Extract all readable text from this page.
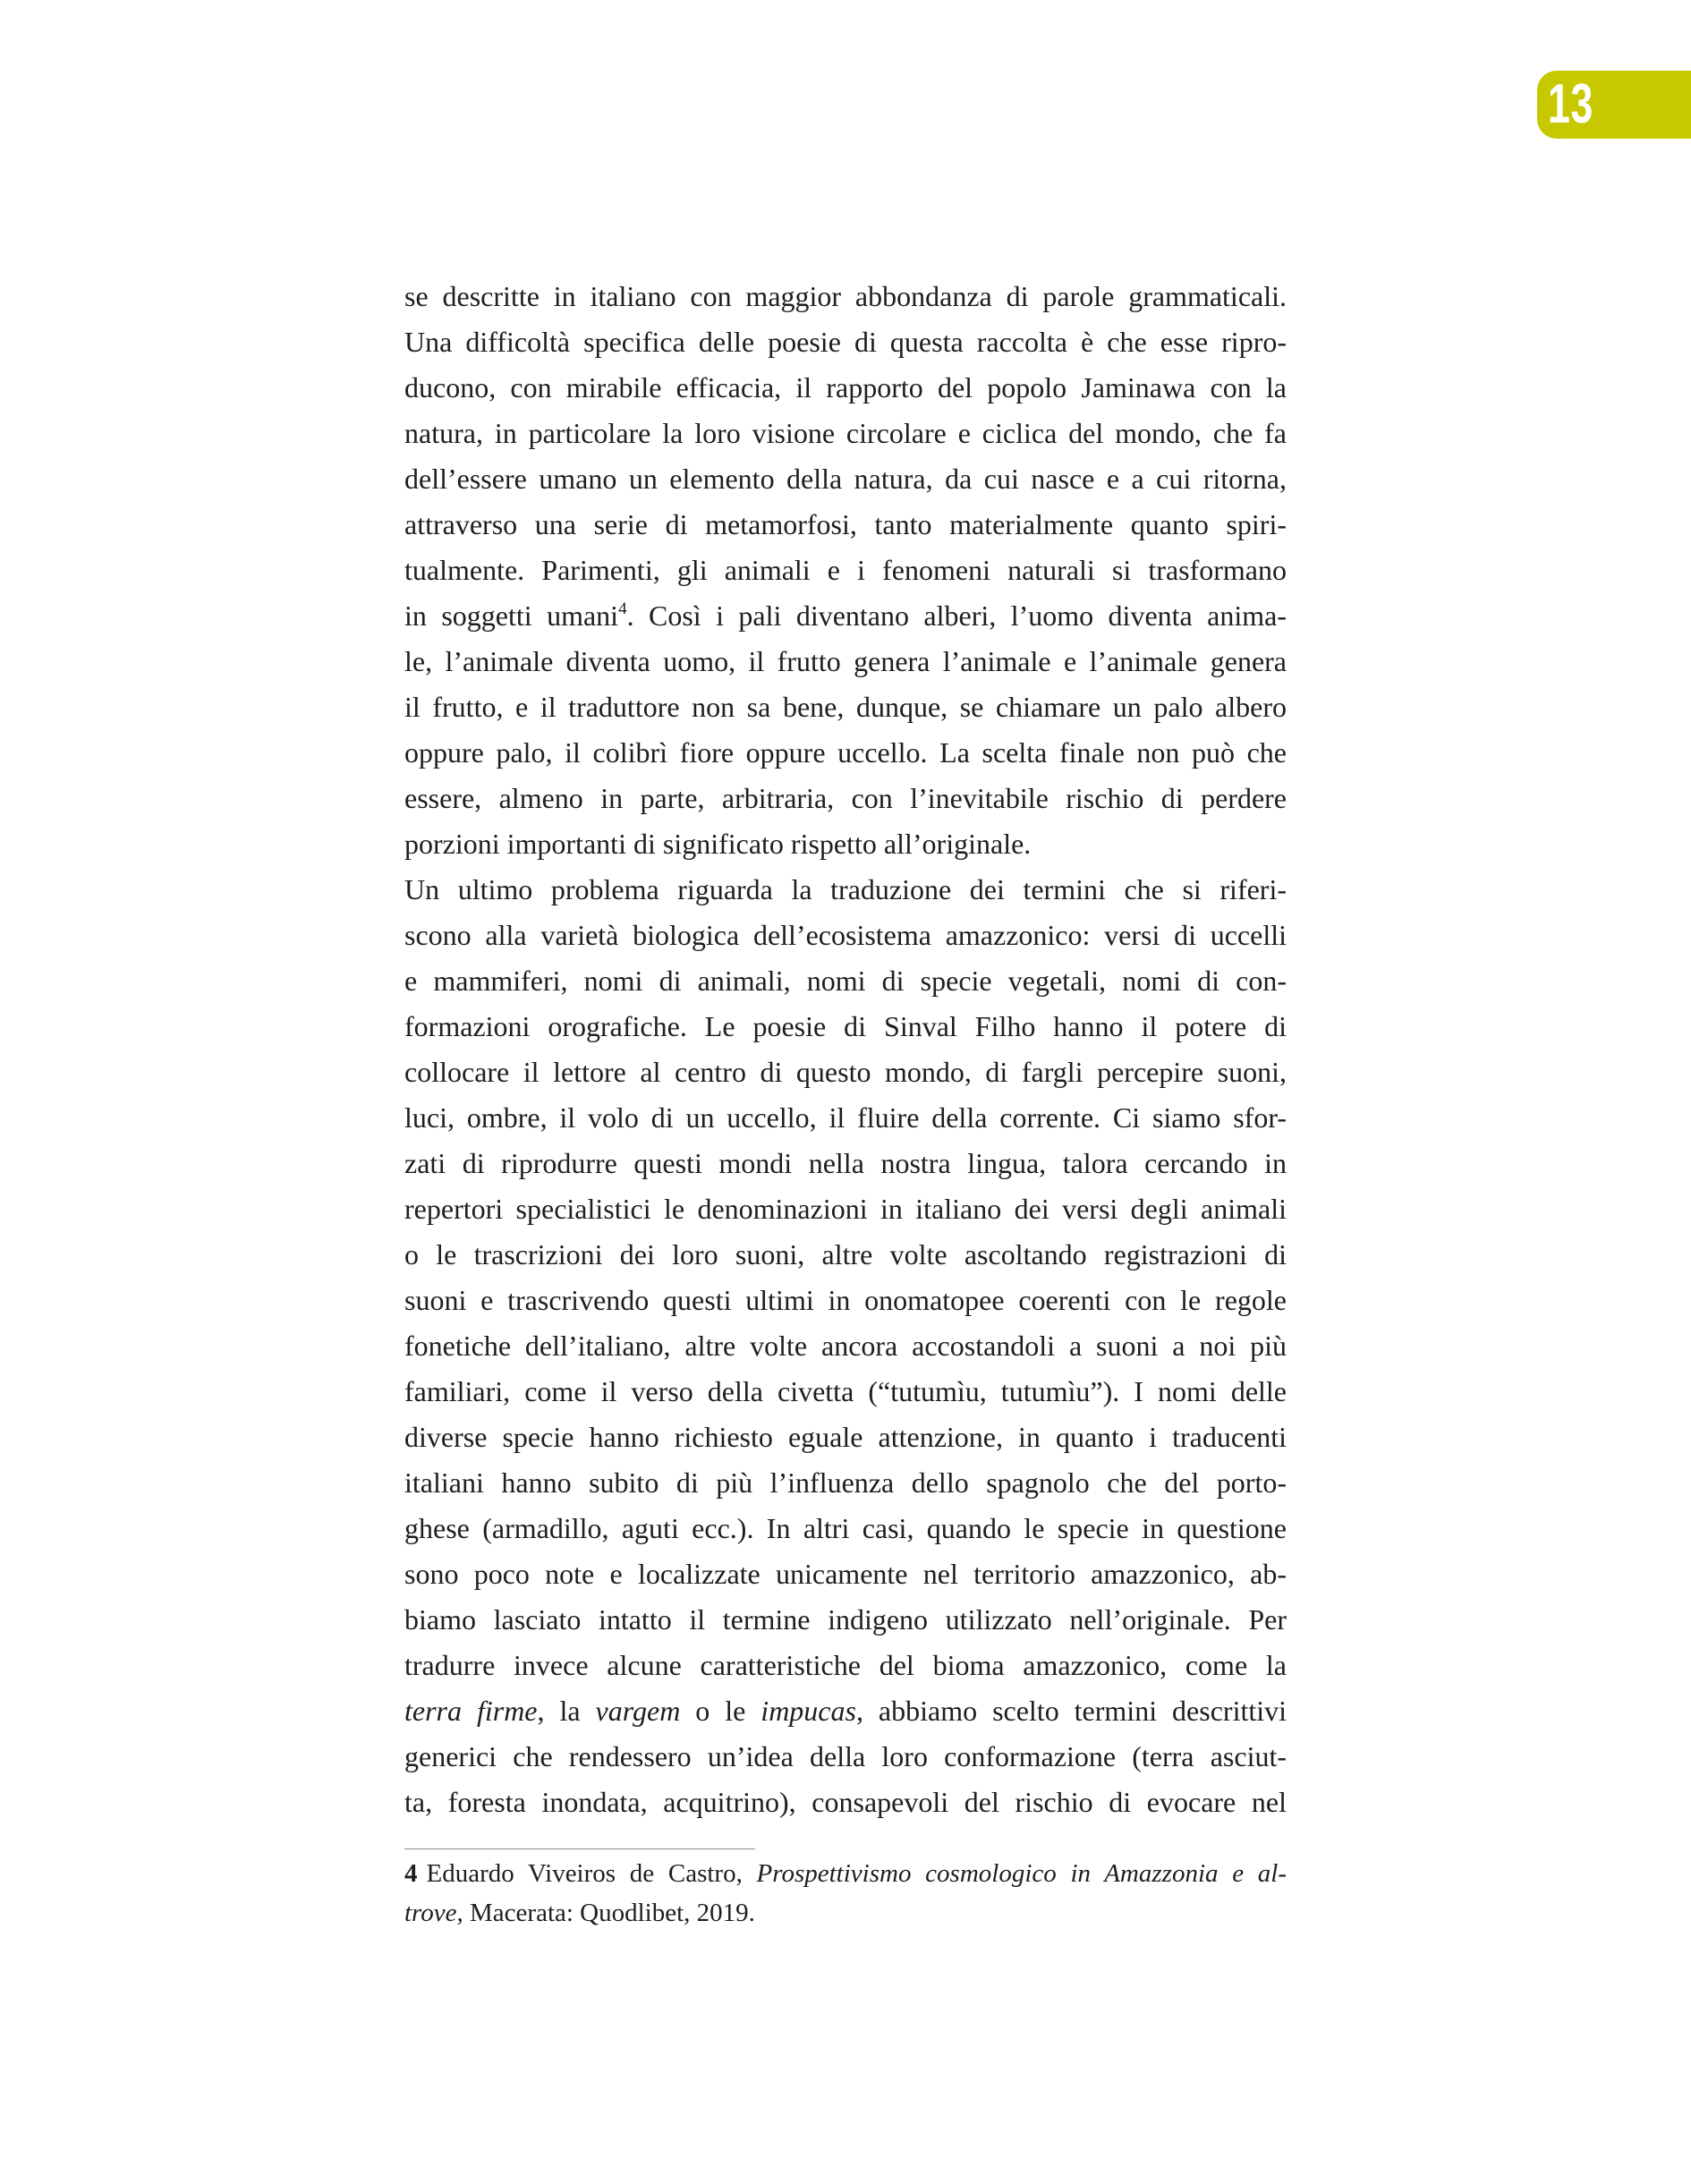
13
se descritte in italiano con maggior abbondanza di parole grammaticali.
Una difficoltà specifica delle poesie di questa raccolta è che esse ripro-
ducono, con mirabile efficacia, il rapporto del popolo Jaminawa con la
natura, in particolare la loro visione circolare e ciclica del mondo, che fa
dell’essere umano un elemento della natura, da cui nasce e a cui ritorna,
attraverso una serie di metamorfosi, tanto materialmente quanto spiri-
tualmente. Parimenti, gli animali e i fenomeni naturali si trasformano
in soggetti umani$^4$. Così i pali diventano alberi, l’uomo diventa anima-
le, l’animale diventa uomo, il frutto genera l’animale e l’animale genera
il frutto, e il traduttore non sa bene, dunque, se chiamare un palo albero
oppure palo, il colibrì fiore oppure uccello. La scelta finale non può che
essere, almeno in parte, arbitraria, con l’inevitabile rischio di perdere
porzioni importanti di significato rispetto all’originale.
Un ultimo problema riguarda la traduzione dei termini che si riferi-
scono alla varietà biologica dell’ecosistema amazzonico: versi di uccelli
e mammiferi, nomi di animali, nomi di specie vegetali, nomi di con-
formazioni orografiche. Le poesie di Sinval Filho hanno il potere di
collocare il lettore al centro di questo mondo, di fargli percepire suoni,
luci, ombre, il volo di un uccello, il fluire della corrente. Ci siamo sfor-
zati di riprodurre questi mondi nella nostra lingua, talora cercando in
repertori specialistici le denominazioni in italiano dei versi degli animali
o le trascrizioni dei loro suoni, altre volte ascoltando registrazioni di
suoni e trascrivendo questi ultimi in onomatopee coerenti con le regole
fonetiche dell’italiano, altre volte ancora accostandoli a suoni a noi più
familiari, come il verso della civetta (“tutumìu, tutumìu”). I nomi delle
diverse specie hanno richiesto eguale attenzione, in quanto i traducenti
italiani hanno subito di più l’influenza dello spagnolo che del porto-
ghese (armadillo, aguti ecc.). In altri casi, quando le specie in questione
sono poco note e localizzate unicamente nel territorio amazzonico, ab-
biamo lasciato intatto il termine indigeno utilizzato nell’originale. Per
tradurre invece alcune caratteristiche del bioma amazzonico, come la
terra firme, la vargem o le impucas, abbiamo scelto termini descrittivi
generici che rendessero un’idea della loro conformazione (terra asciut-
ta, foresta inondata, acquitrino), consapevoli del rischio di evocare nel
4 Eduardo Viveiros de Castro, Prospettivismo cosmologico in Amazzonia e al-
trove, Macerata: Quodlibet, 2019.
